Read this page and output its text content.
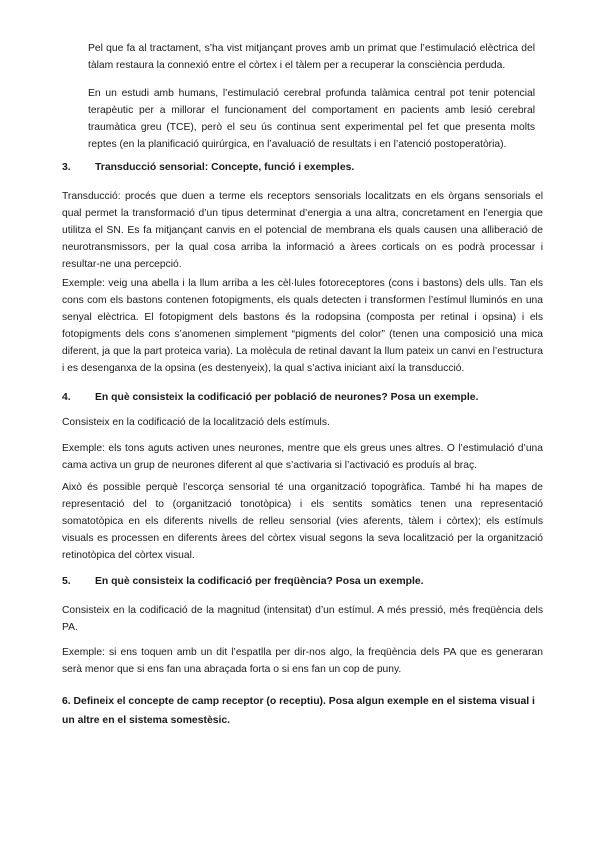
Pel que fa al tractament, s’ha vist mitjançant proves amb un primat que l’estimulació elèctrica del tàlam restaura la connexió entre el còrtex i el tàlem per a recuperar la consciència perduda.

En un estudi amb humans, l’estimulació cerebral profunda talàmica central pot tenir potencial terapèutic per a millorar el funcionament del comportament en pacients amb lesió cerebral traumàtica greu (TCE), però el seu ús continua sent experimental pel fet que presenta molts reptes (en la planificació quirúrgica, en l’avaluació de resultats i en l’atenció postoperatòria).

3. Transducció sensorial: Concepte, funció i exemples.

Transducció: procés que duen a terme els receptors sensorials localitzats en els òrgans sensorials el qual permet la transformació d’un tipus determinat d’energia a una altra, concretament en l’energia que utilitza el SN. Es fa mitjançant canvis en el potencial de membrana els quals causen una alliberació de neurotransmissors, per la qual cosa arriba la informació a àrees corticals on es podrà processar i resultar-ne una percepció.

Exemple: veig una abella i la llum arriba a les cèl·lules fotoreceptores (cons i bastons) dels ulls. Tan els cons com els bastons contenen fotopigments, els quals detecten i transformen l’estímul lluminós en una senyal elèctrica. El fotopigment dels bastons és la rodopsina (composta per retinal i opsina) i els fotopigments dels cons s’anomenen simplement “pigments del color” (tenen una composició una mica diferent, ja que la part proteica varia). La molècula de retinal davant la llum pateix un canvi en l’estructura i es desenganxa de la opsina (es destenyeix), la qual s’activa iniciant així la transducció.

4. En què consisteix la codificació per població de neurones? Posa un exemple.

Consisteix en la codificació de la localització dels estímuls.

Exemple: els tons aguts activen unes neurones, mentre que els greus unes altres. O l’estimulació d’una cama activa un grup de neurones diferent al que s’activaria si l’activació es produís al braç.

Això és possible perquè l’escorça sensorial té una organització topogràfica. També hi ha mapes de representació del to (organització tonotòpica) i els sentits somàtics tenen una representació somatotòpica en els diferents nivells de relleu sensorial (vies aferents, tàlem i còrtex); els estímuls visuals es processen en diferents àrees del còrtex visual segons la seva localització per la organització retinotòpica del còrtex visual.

5. En què consisteix la codificació per freqüència? Posa un exemple.

Consisteix en la codificació de la magnitud (intensitat) d’un estímul. A més pressió, més freqüència dels PA.

Exemple: si ens toquen amb un dit l’espatlla per dir-nos algo, la freqüència dels PA que es generaran serà menor que si ens fan una abraçada forta o si ens fan un cop de puny.

6. Defineix el concepte de camp receptor (o receptiu). Posa algun exemple en el sistema visual i un altre en el sistema somestèsic.
